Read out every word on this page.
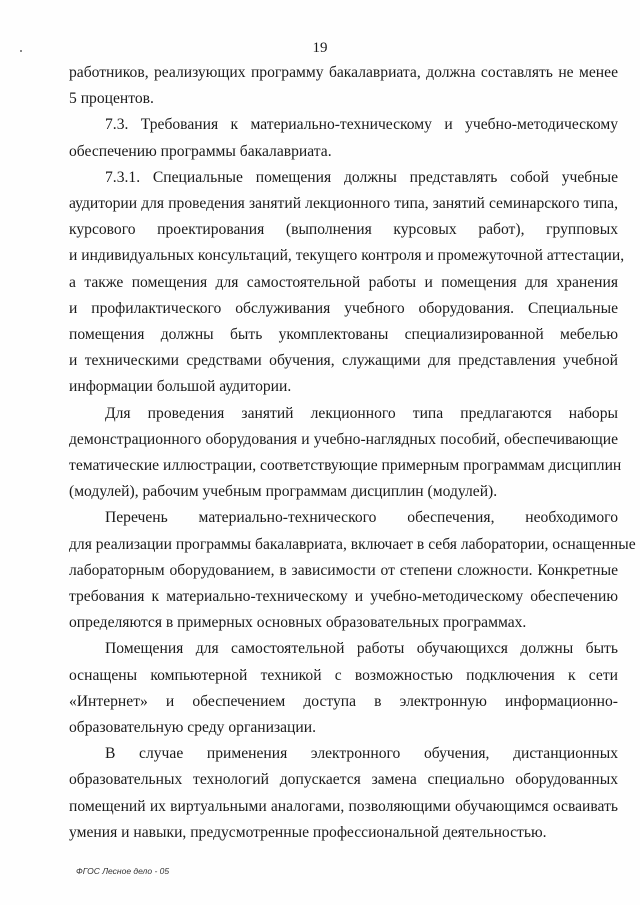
19
работников, реализующих программу бакалавриата, должна составлять не менее
5 процентов.
7.3. Требования к материально-техническому и учебно-методическому
обеспечению программы бакалавриата.
7.3.1. Специальные помещения должны представлять собой учебные
аудитории для проведения занятий лекционного типа, занятий семинарского типа,
курсового проектирования (выполнения курсовых работ), групповых
и индивидуальных консультаций, текущего контроля и промежуточной аттестации,
а также помещения для самостоятельной работы и помещения для хранения
и профилактического обслуживания учебного оборудования. Специальные
помещения должны быть укомплектованы специализированной мебелью
и техническими средствами обучения, служащими для представления учебной
информации большой аудитории.
Для проведения занятий лекционного типа предлагаются наборы
демонстрационного оборудования и учебно-наглядных пособий, обеспечивающие
тематические иллюстрации, соответствующие примерным программам дисциплин
(модулей), рабочим учебным программам дисциплин (модулей).
Перечень материально-технического обеспечения, необходимого
для реализации программы бакалавриата, включает в себя лаборатории, оснащенные
лабораторным оборудованием, в зависимости от степени сложности. Конкретные
требования к материально-техническому и учебно-методическому обеспечению
определяются в примерных основных образовательных программах.
Помещения для самостоятельной работы обучающихся должны быть
оснащены компьютерной техникой с возможностью подключения к сети
«Интернет» и обеспечением доступа в электронную информационно-
образовательную среду организации.
В случае применения электронного обучения, дистанционных
образовательных технологий допускается замена специально оборудованных
помещений их виртуальными аналогами, позволяющими обучающимся осваивать
умения и навыки, предусмотренные профессиональной деятельностью.
ФГОС Лесное дело - 05
